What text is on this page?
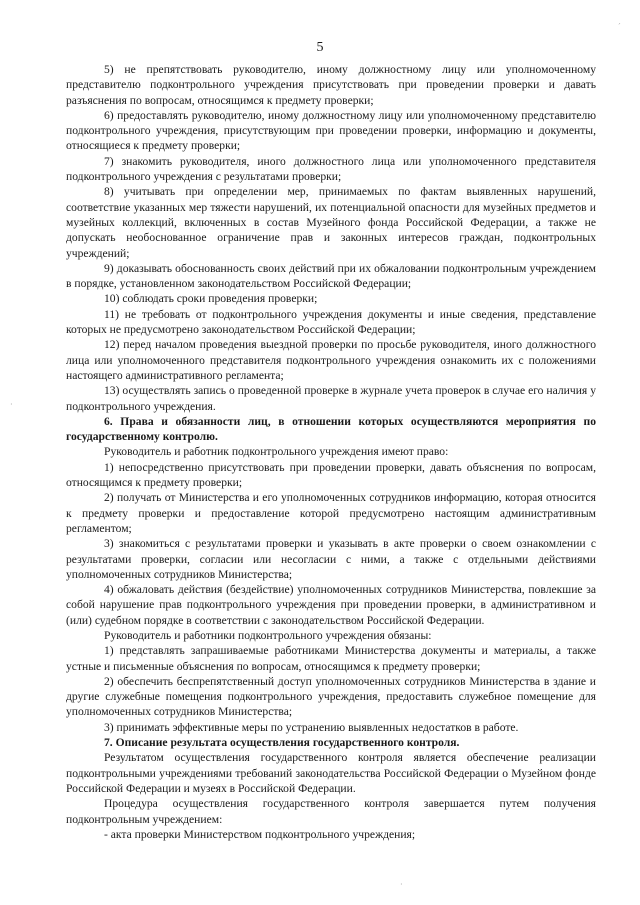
5

5) не препятствовать руководителю, иному должностному лицу или уполномоченному представителю подконтрольного учреждения присутствовать при проведении проверки и давать разъяснения по вопросам, относящимся к предмету проверки;

6) предоставлять руководителю, иному должностному лицу или уполномоченному представителю подконтрольного учреждения, присутствующим при проведении проверки, информацию и документы, относящиеся к предмету проверки;

7) знакомить руководителя, иного должностного лица или уполномоченного представителя подконтрольного учреждения с результатами проверки;

8) учитывать при определении мер, принимаемых по фактам выявленных нарушений, соответствие указанных мер тяжести нарушений, их потенциальной опасности для музейных предметов и музейных коллекций, включенных в состав Музейного фонда Российской Федерации, а также не допускать необоснованное ограничение прав и законных интересов граждан, подконтрольных учреждений;

9) доказывать обоснованность своих действий при их обжаловании подконтрольным учреждением в порядке, установленном законодательством Российской Федерации;

10) соблюдать сроки проведения проверки;

11) не требовать от подконтрольного учреждения документы и иные сведения, представление которых не предусмотрено законодательством Российской Федерации;

12) перед началом проведения выездной проверки по просьбе руководителя, иного должностного лица или уполномоченного представителя подконтрольного учреждения ознакомить их с положениями настоящего административного регламента;

13) осуществлять запись о проведенной проверке в журнале учета проверок в случае его наличия у подконтрольного учреждения.

6. Права и обязанности лиц, в отношении которых осуществляются мероприятия по государственному контролю.

Руководитель и работник подконтрольного учреждения имеют право:

1) непосредственно присутствовать при проведении проверки, давать объяснения по вопросам, относящимся к предмету проверки;

2) получать от Министерства и его уполномоченных сотрудников информацию, которая относится к предмету проверки и предоставление которой предусмотрено настоящим административным регламентом;

3) знакомиться с результатами проверки и указывать в акте проверки о своем ознакомлении с результатами проверки, согласии или несогласии с ними, а также с отдельными действиями уполномоченных сотрудников Министерства;

4) обжаловать действия (бездействие) уполномоченных сотрудников Министерства, повлекшие за собой нарушение прав подконтрольного учреждения при проведении проверки, в административном и (или) судебном порядке в соответствии с законодательством Российской Федерации.

Руководитель и работники подконтрольного учреждения обязаны:

1) представлять запрашиваемые работниками Министерства документы и материалы, а также устные и письменные объяснения по вопросам, относящимся к предмету проверки;

2) обеспечить беспрепятственный доступ уполномоченных сотрудников Министерства в здание и другие служебные помещения подконтрольного учреждения, предоставить служебное помещение для уполномоченных сотрудников Министерства;

3) принимать эффективные меры по устранению выявленных недостатков в работе.

7. Описание результата осуществления государственного контроля.

Результатом осуществления государственного контроля является обеспечение реализации подконтрольными учреждениями требований законодательства Российской Федерации о Музейном фонде Российской Федерации и музеях в Российской Федерации.

Процедура осуществления государственного контроля завершается путем получения подконтрольным учреждением:

- акта проверки Министерством подконтрольного учреждения;

´
·
·
